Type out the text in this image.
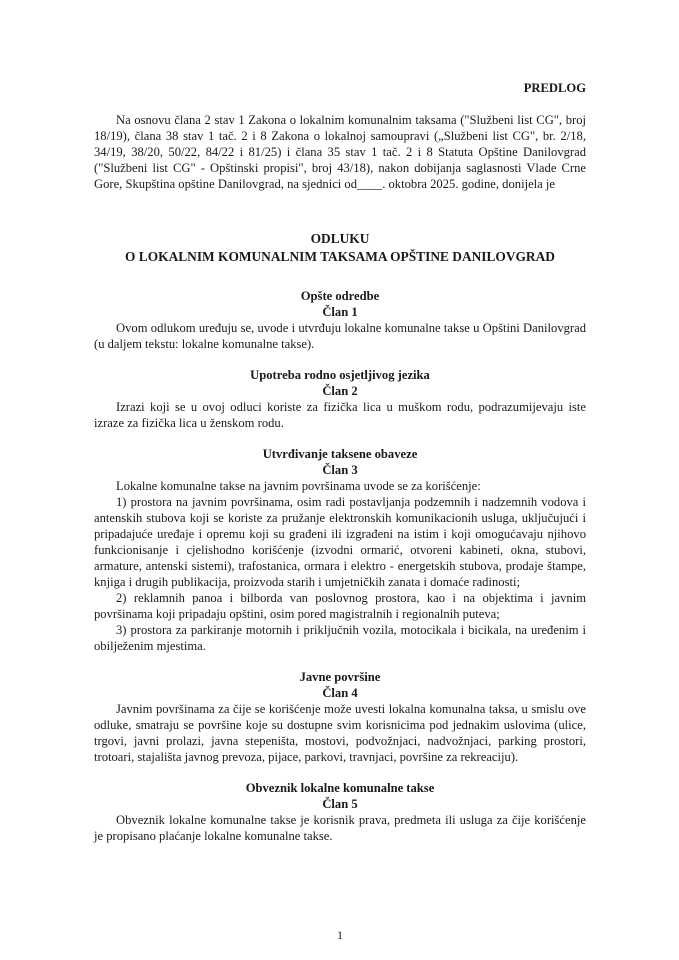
PREDLOG

Na osnovu člana 2 stav 1 Zakona o lokalnim komunalnim taksama ("Službeni list CG", broj 18/19), člana 38 stav 1 tač. 2 i 8 Zakona o lokalnoj samoupravi („Službeni list CG", br. 2/18, 34/19, 38/20, 50/22, 84/22 i 81/25) i člana 35 stav 1 tač. 2 i 8 Statuta Opštine Danilovgrad ("Službeni list CG" - Opštinski propisi", broj 43/18), nakon dobijanja saglasnosti Vlade Crne Gore, Skupština opštine Danilovgrad, na sjednici od____. oktobra 2025. godine, donijela je

ODLUKU
O LOKALNIM KOMUNALNIM TAKSAMA OPŠTINE DANILOVGRAD
Opšte odredbe
Član 1

Ovom odlukom uređuju se, uvode i utvrđuju lokalne komunalne takse u Opštini Danilovgrad (u daljem tekstu: lokalne komunalne takse).

Upotreba rodno osjetljivog jezika
Član 2

Izrazi koji se u ovoj odluci koriste za fizička lica u muškom rodu, podrazumijevaju iste izraze za fizička lica u ženskom rodu.

Utvrđivanje taksene obaveze
Član 3

Lokalne komunalne takse na javnim površinama uvode se za korišćenje:

1) prostora na javnim površinama, osim radi postavljanja podzemnih i nadzemnih vodova i antenskih stubova koji se koriste za pružanje elektronskih komunikacionih usluga, uključujući i pripadajuće uređaje i opremu koji su građeni ili izgrađeni na istim i koji omogućavaju njihovo funkcionisanje i cjelishodno korišćenje (izvodni ormarić, otvoreni kabineti, okna, stubovi, armature, antenski sistemi), trafostanica, ormara i elektro - energetskih stubova, prodaje štampe, knjiga i drugih publikacija, proizvoda starih i umjetničkih zanata i domaće radinosti;

2) reklamnih panoa i bilborda van poslovnog prostora, kao i na objektima i javnim površinama koji pripadaju opštini, osim pored magistralnih i regionalnih puteva;

3) prostora za parkiranje motornih i priključnih vozila, motocikala i bicikala, na uređenim i obilježenim mjestima.

Javne površine
Član 4

Javnim površinama za čije se korišćenje može uvesti lokalna komunalna taksa, u smislu ove odluke, smatraju se površine koje su dostupne svim korisnicima pod jednakim uslovima (ulice, trgovi, javni prolazi, javna stepeništa, mostovi, podvožnjaci, nadvožnjaci, parking prostori, trotoari, stajališta javnog prevoza, pijace, parkovi, travnjaci, površine za rekreaciju).

Obveznik lokalne komunalne takse
Član 5

Obveznik lokalne komunalne takse je korisnik prava, predmeta ili usluga za čije korišćenje je propisano plaćanje lokalne komunalne takse.

1
